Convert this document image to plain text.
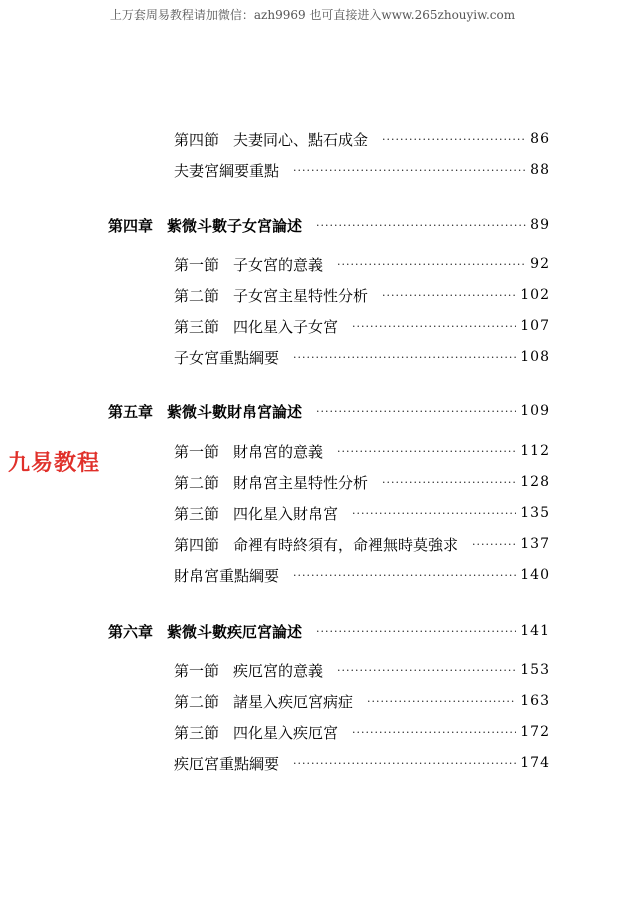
上万套周易教程请加微信：azh9969 也可直接进入www.265zhouyiw.com
九易教程
第四節 夫妻同心、點石成金 ·····	86
夫妻宮綱要重點 ·····	88
第四章 紫微斗數子女宮論述 ·····	89
第一節 子女宮的意義 ·····	92
第二節 子女宮主星特性分析 ·····	102
第三節 四化星入子女宮 ·····	107
子女宮重點綱要 ·····	108
第五章 紫微斗數財帛宮論述 ·····	109
第一節 財帛宮的意義 ·····	112
第二節 財帛宮主星特性分析 ·····	128
第三節 四化星入財帛宮 ·····	135
第四節 命裡有時終須有，命裡無時莫強求 ·····	137
財帛宮重點綱要 ·····	140
第六章 紫微斗數疾厄宮論述 ·····	141
第一節 疾厄宮的意義 ·····	153
第二節 諸星入疾厄宮病症 ·····	163
第三節 四化星入疾厄宮 ·····	172
疾厄宮重點綱要 ·····	174
